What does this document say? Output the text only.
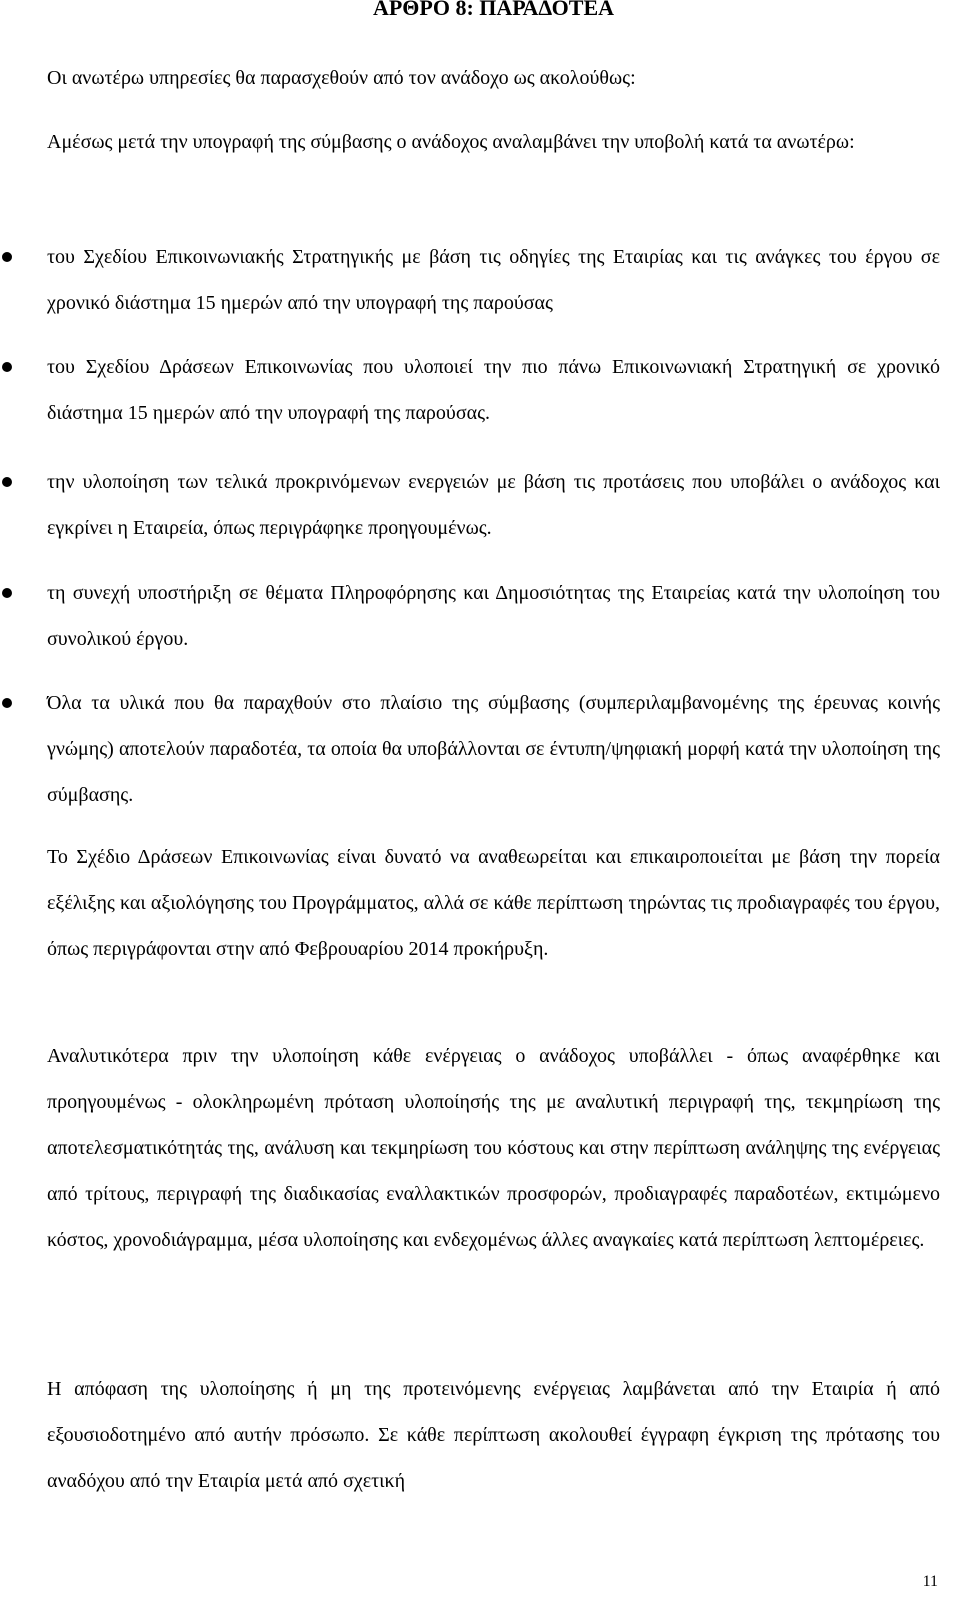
ΑΡΘΡΟ 8: ΠΑΡΑΔΟΤΕΑ
Οι ανωτέρω υπηρεσίες θα παρασχεθούν από τον ανάδοχο ως ακολούθως:
Αμέσως μετά την υπογραφή της σύμβασης ο ανάδοχος αναλαμβάνει την υποβολή κατά τα ανωτέρω:
του Σχεδίου Επικοινωνιακής Στρατηγικής με βάση τις οδηγίες της Εταιρίας και τις ανάγκες του έργου σε χρονικό διάστημα 15 ημερών από την υπογραφή της παρούσας
του Σχεδίου Δράσεων Επικοινωνίας που υλοποιεί την πιο πάνω Επικοινωνιακή Στρατηγική σε χρονικό διάστημα 15 ημερών από την υπογραφή της παρούσας.
την υλοποίηση των τελικά προκρινόμενων ενεργειών με βάση τις προτάσεις που υποβάλει ο ανάδοχος και εγκρίνει η Εταιρεία, όπως περιγράφηκε προηγουμένως.
τη συνεχή υποστήριξη σε θέματα Πληροφόρησης και Δημοσιότητας της Εταιρείας κατά την υλοποίηση του συνολικού έργου.
Όλα τα υλικά που θα παραχθούν στο πλαίσιο της σύμβασης (συμπεριλαμβανομένης της έρευνας κοινής γνώμης) αποτελούν παραδοτέα, τα οποία θα υποβάλλονται σε έντυπη/ψηφιακή μορφή κατά την υλοποίηση της σύμβασης.
Το Σχέδιο Δράσεων Επικοινωνίας είναι δυνατό να αναθεωρείται και επικαιροποιείται με βάση την πορεία εξέλιξης και αξιολόγησης του Προγράμματος, αλλά σε κάθε περίπτωση τηρώντας τις προδιαγραφές του έργου, όπως περιγράφονται στην από Φεβρουαρίου 2014 προκήρυξη.
Αναλυτικότερα πριν την υλοποίηση κάθε ενέργειας ο ανάδοχος υποβάλλει - όπως αναφέρθηκε και προηγουμένως - ολοκληρωμένη πρόταση υλοποίησής της με αναλυτική περιγραφή της, τεκμηρίωση της αποτελεσματικότητάς της, ανάλυση και τεκμηρίωση του κόστους και στην περίπτωση ανάληψης της ενέργειας από τρίτους, περιγραφή της διαδικασίας εναλλακτικών προσφορών, προδιαγραφές παραδοτέων, εκτιμώμενο κόστος, χρονοδιάγραμμα, μέσα υλοποίησης και ενδεχομένως άλλες αναγκαίες κατά περίπτωση λεπτομέρειες.
Η απόφαση της υλοποίησης ή μη της προτεινόμενης ενέργειας λαμβάνεται από την Εταιρία ή από εξουσιοδοτημένο από αυτήν πρόσωπο. Σε κάθε περίπτωση ακολουθεί έγγραφη έγκριση της πρότασης του αναδόχου από την Εταιρία μετά από σχετική
11
